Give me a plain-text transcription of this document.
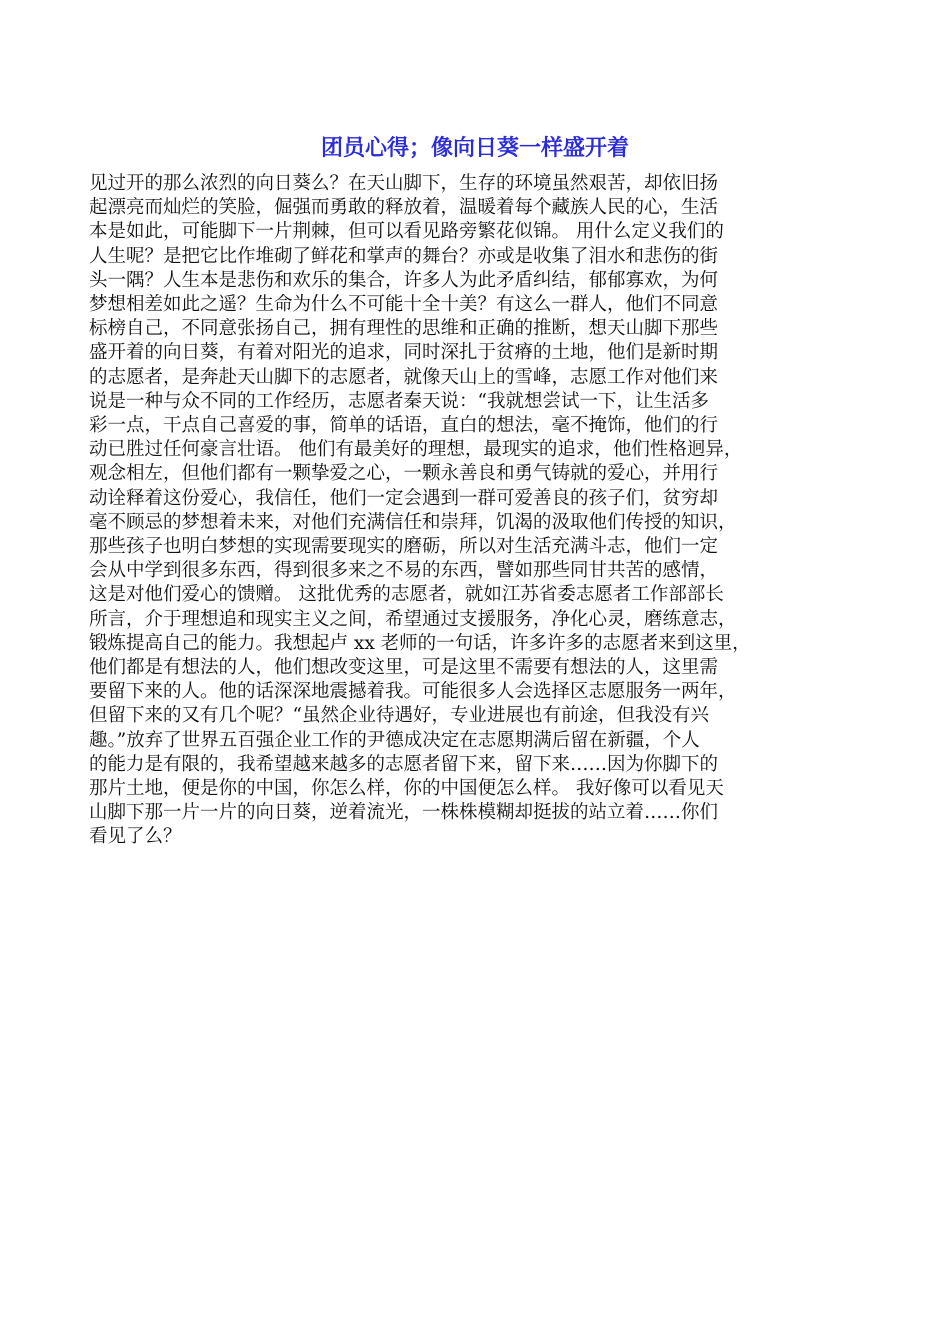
团员心得；像向日葵一样盛开着
见过开的那么浓烈的向日葵么？在天山脚下，生存的环境虽然艰苦，却依旧扬
起漂亮而灿烂的笑脸，倔强而勇敢的释放着，温暖着每个藏族人民的心，生活
本是如此，可能脚下一片荆棘，但可以看见路旁繁花似锦。 用什么定义我们的
人生呢？是把它比作堆砌了鲜花和掌声的舞台？亦或是收集了泪水和悲伤的街
头一隅？人生本是悲伤和欢乐的集合，许多人为此矛盾纠结，郁郁寡欢，为何
梦想相差如此之遥？生命为什么不可能十全十美？有这么一群人，他们不同意
标榜自己，不同意张扬自己，拥有理性的思维和正确的推断，想天山脚下那些
盛开着的向日葵，有着对阳光的追求，同时深扎于贫瘠的土地，他们是新时期
的志愿者，是奔赴天山脚下的志愿者，就像天山上的雪峰，志愿工作对他们来
说是一种与众不同的工作经历，志愿者秦天说：“我就想尝试一下，让生活多
彩一点，干点自己喜爱的事，简单的话语，直白的想法，毫不掩饰，他们的行
动已胜过任何豪言壮语。 他们有最美好的理想，最现实的追求，他们性格迥异，
观念相左，但他们都有一颗挚爱之心，一颗永善良和勇气铸就的爱心，并用行
动诠释着这份爱心，我信任，他们一定会遇到一群可爱善良的孩子们，贫穷却
毫不顾忌的梦想着未来，对他们充满信任和崇拜，饥渴的汲取他们传授的知识，
那些孩子也明白梦想的实现需要现实的磨砺，所以对生活充满斗志，他们一定
会从中学到很多东西，得到很多来之不易的东西，譬如那些同甘共苦的感情，
这是对他们爱心的馈赠。 这批优秀的志愿者，就如江苏省委志愿者工作部部长
所言，介于理想追和现实主义之间，希望通过支援服务，净化心灵，磨练意志，
锻炼提高自己的能力。我想起卢 xx 老师的一句话，许多许多的志愿者来到这里，
他们都是有想法的人，他们想改变这里，可是这里不需要有想法的人，这里需
要留下来的人。他的话深深地震撼着我。可能很多人会选择区志愿服务一两年，
但留下来的又有几个呢？“虽然企业待遇好，专业进展也有前途，但我没有兴
趣。”放弃了世界五百强企业工作的尹德成决定在志愿期满后留在新疆，个人
的能力是有限的，我希望越来越多的志愿者留下来，留下来……因为你脚下的
那片土地，便是你的中国，你怎么样，你的中国便怎么样。 我好像可以看见天
山脚下那一片一片的向日葵，逆着流光，一株株模糊却挺拔的站立着……你们
看见了么？
